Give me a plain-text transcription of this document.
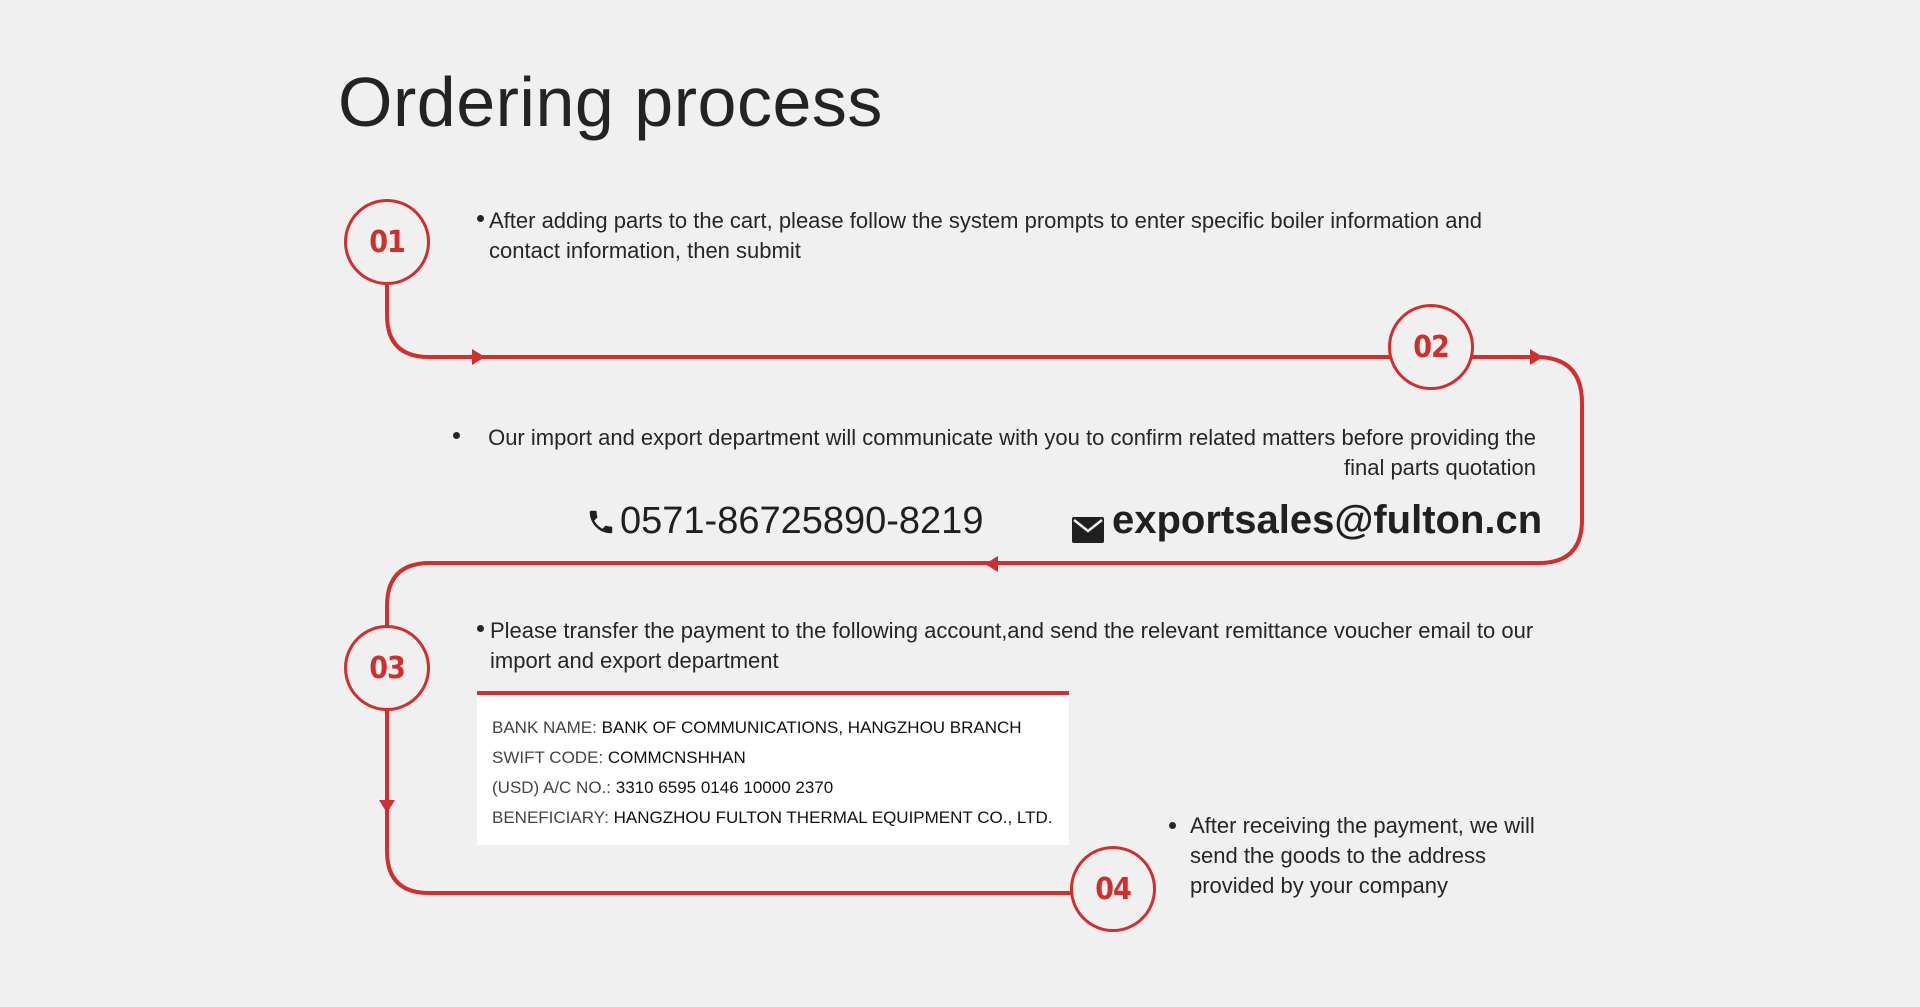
Ordering process
01
02
03
04
After adding parts to the cart, please follow the system prompts to enter specific boiler information and contact information, then submit
Our import and export department will communicate with you to confirm related matters before providing the final parts quotation
0571-86725890-8219	exportsales@fulton.cn
Please transfer the payment to the following account,and send the relevant remittance voucher email to our import and export department
BANK NAME: BANK OF COMMUNICATIONS, HANGZHOU BRANCH
SWIFT CODE: COMMCNSHHAN
(USD) A/C NO.: 3310 6595 0146 10000 2370
BENEFICIARY: HANGZHOU FULTON THERMAL EQUIPMENT CO., LTD.	After receiving the payment, we will send the goods to the address provided by your company
